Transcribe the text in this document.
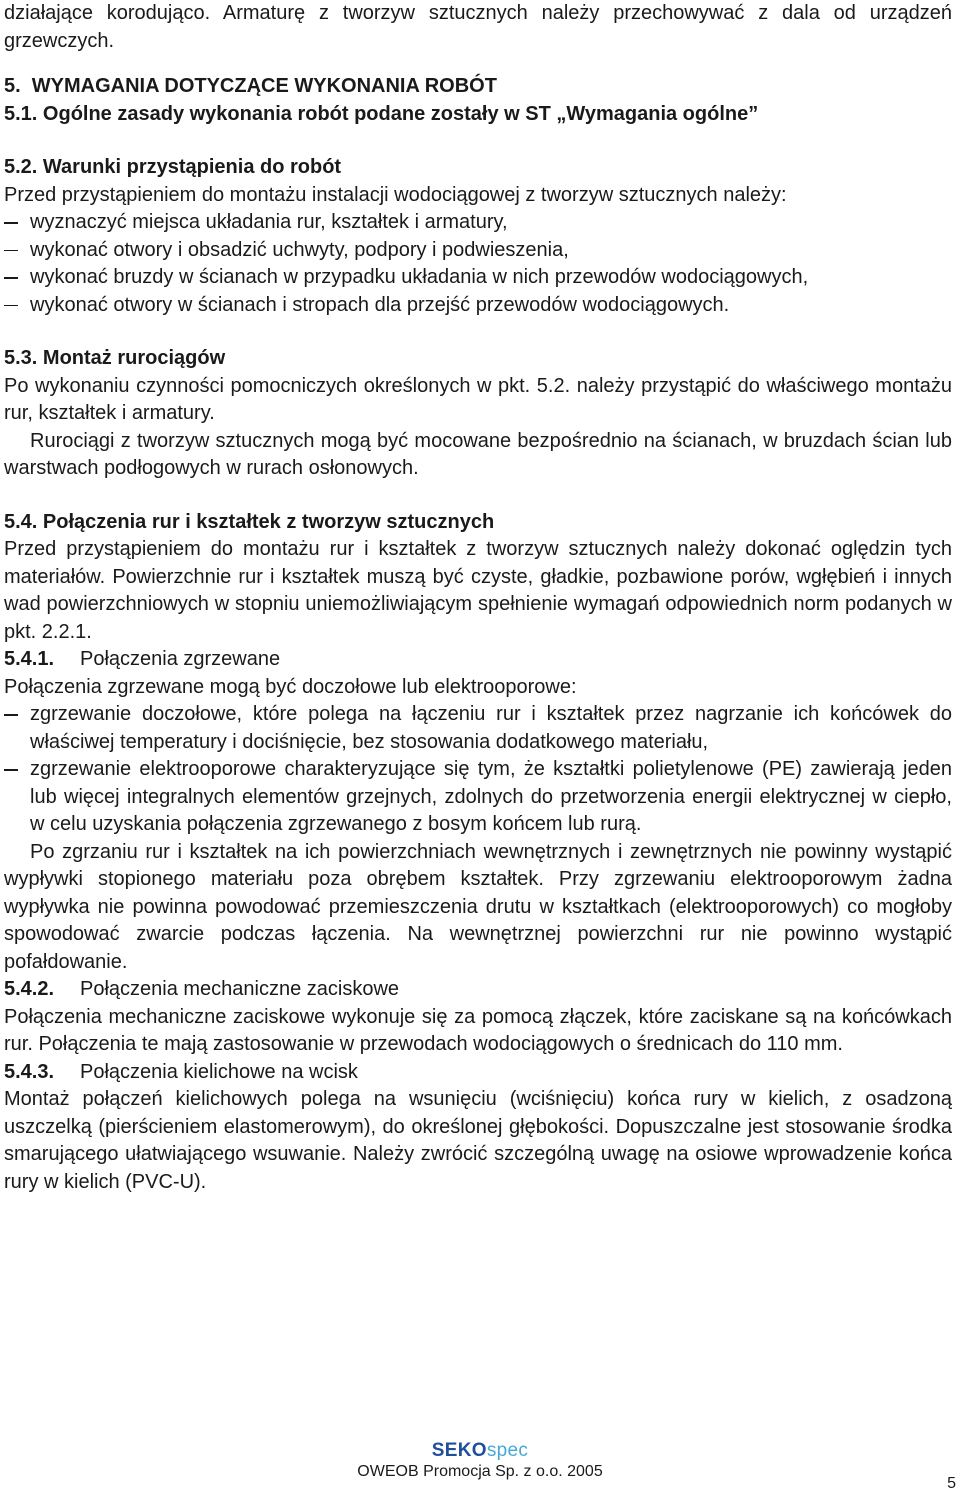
działające korodująco. Armaturę z tworzyw sztucznych należy przechowywać z dala od urządzeń grzewczych.

5.  WYMAGANIA DOTYCZĄCE WYKONANIA ROBÓT

5.1. Ogólne zasady wykonania robót podane zostały w ST „Wymagania ogólne”

5.2. Warunki przystąpienia do robót

Przed przystąpieniem do montażu instalacji wodociągowej z tworzyw sztucznych należy:

wyznaczyć miejsca układania rur, kształtek i armatury,
wykonać otwory i obsadzić uchwyty, podpory i podwieszenia,
wykonać bruzdy w ścianach w przypadku układania w nich przewodów wodociągowych,
wykonać otwory w ścianach i stropach dla przejść przewodów wodociągowych.

5.3. Montaż rurociągów

Po wykonaniu czynności pomocniczych określonych w pkt. 5.2. należy przystąpić do właściwego montażu rur, kształtek i armatury.

Rurociągi z tworzyw sztucznych mogą być mocowane bezpośrednio na ścianach, w bruzdach ścian lub warstwach podłogowych w rurach osłonowych.

5.4. Połączenia rur i kształtek z tworzyw sztucznych

Przed przystąpieniem do montażu rur i kształtek z tworzyw sztucznych należy dokonać oględzin tych materiałów. Powierzchnie rur i kształtek muszą być czyste, gładkie, pozbawione porów, wgłębień i innych wad powierzchniowych w stopniu uniemożliwiającym spełnienie wymagań odpowiednich norm podanych w pkt. 2.2.1.

5.4.1.	Połączenia zgrzewane

Połączenia zgrzewane mogą być doczołowe lub elektrooporowe:

zgrzewanie doczołowe, które polega na łączeniu rur i kształtek przez nagrzanie ich końcówek do właściwej temperatury i dociśnięcie, bez stosowania dodatkowego materiału,
zgrzewanie elektrooporowe charakteryzujące się tym, że kształtki polietylenowe (PE) zawierają jeden lub więcej integralnych elementów grzejnych, zdolnych do przetworzenia energii elektrycznej w ciepło, w celu uzyskania połączenia zgrzewanego z bosym końcem lub rurą.

Po zgrzaniu rur i kształtek na ich powierzchniach wewnętrznych i zewnętrznych nie powinny wystąpić wypływki stopionego materiału poza obrębem kształtek. Przy zgrzewaniu elektrooporowym żadna wypływka nie powinna powodować przemieszczenia drutu w kształtkach (elektrooporowych) co mogłoby spowodować zwarcie podczas łączenia. Na wewnętrznej powierzchni rur nie powinno wystąpić pofałdowanie.

5.4.2.	Połączenia mechaniczne zaciskowe

Połączenia mechaniczne zaciskowe wykonuje się za pomocą złączek, które zaciskane są na końcówkach rur. Połączenia te mają zastosowanie w przewodach wodociągowych o średnicach do 110 mm.

5.4.3.	Połączenia kielichowe na wcisk

Montaż połączeń kielichowych polega na wsunięciu (wciśnięciu) końca rury w kielich, z osadzoną uszczelką (pierścieniem elastomerowym), do określonej głębokości. Dopuszczalne jest stosowanie środka smarującego ułatwiającego wsuwanie. Należy zwrócić szczególną uwagę na osiowe wprowadzenie końca rury w kielich (PVC-U).

SEKOspec
OWEOB Promocja Sp. z o.o. 2005
5
